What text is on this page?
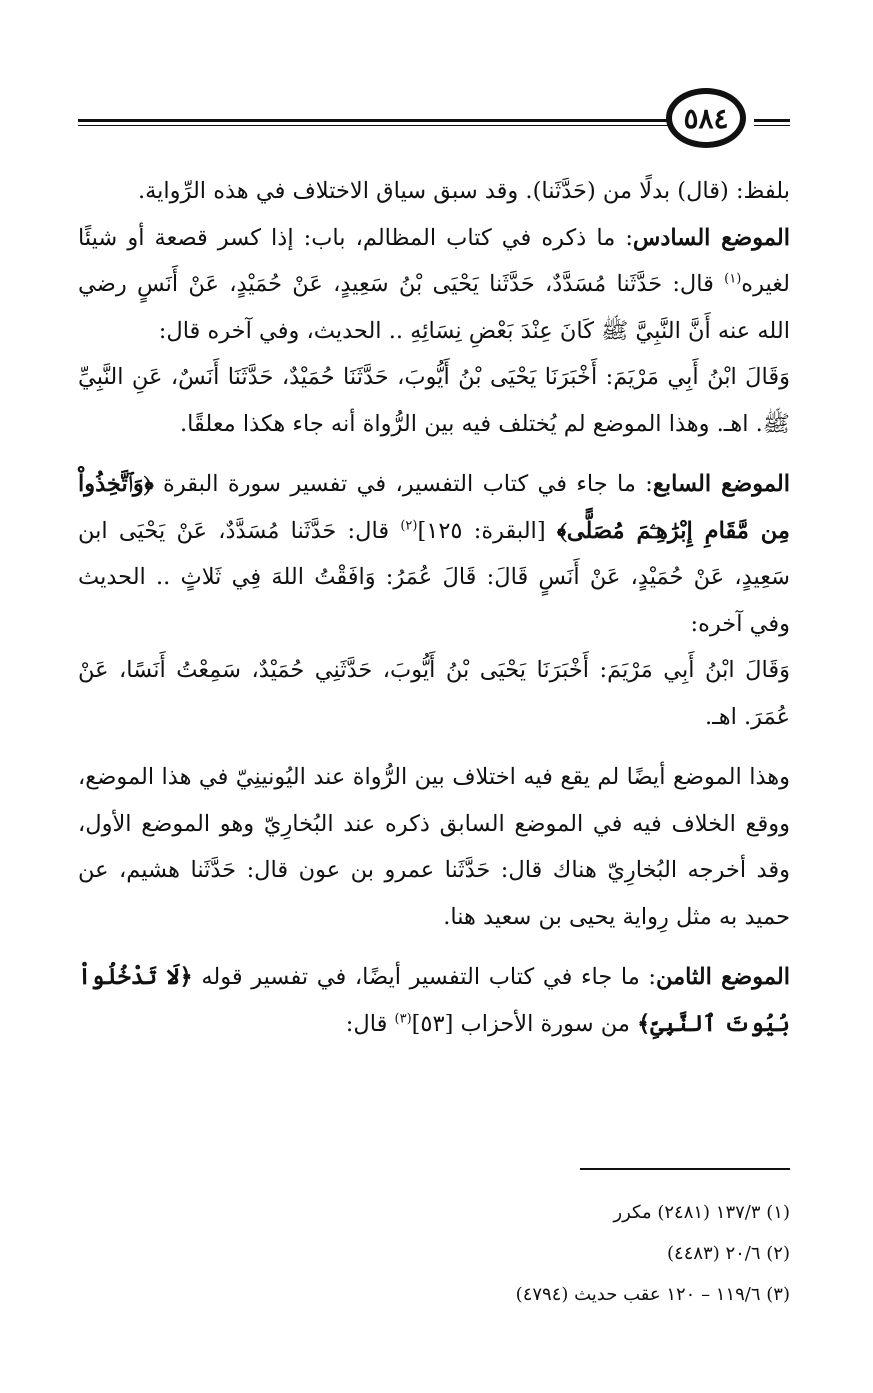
٥٨٤

بلفظ: (قال) بدلًا من (حَدَّثَنا). وقد سبق سياق الاختلاف في هذه الرِّواية.

الموضع السادس: ما ذكره في كتاب المظالم، باب: إذا كسر قصعة أو شيئًا لغيره$^{(١)}$ قال: حَدَّثَنا مُسَدَّدٌ، حَدَّثَنا يَحْيَى بْنُ سَعِيدٍ، عَنْ حُمَيْدٍ، عَنْ أَنَسٍ رضي الله عنه أَنَّ النَّبِيَّ ﷺ كَانَ عِنْدَ بَعْضِ نِسَائِهِ .. الحديث، وفي آخره قال:

وَقَالَ ابْنُ أَبِي مَرْيَمَ: أَخْبَرَنَا يَحْيَى بْنُ أَيُّوبَ، حَدَّثَنَا حُمَيْدٌ، حَدَّثَنَا أَنَسٌ، عَنِ النَّبِيِّ ﷺ. اهـ. وهذا الموضع لم يُختلف فيه بين الرُّواة أنه جاء هكذا معلقًا.

الموضع السابع: ما جاء في كتاب التفسير، في تفسير سورة البقرة ﴿وَٱتَّخِذُواْ مِن مَّقَامِ إِبْرَٰهِـۧمَ مُصَلًّى﴾ [البقرة: ١٢٥]$^{(٢)}$ قال: حَدَّثَنا مُسَدَّدٌ، عَنْ يَحْيَى ابن سَعِيدٍ، عَنْ حُمَيْدٍ، عَنْ أَنَسٍ قَالَ: قَالَ عُمَرُ: وَافَقْتُ اللهَ فِي ثَلاثٍ .. الحديث وفي آخره:

وَقَالَ ابْنُ أَبِي مَرْيَمَ: أَخْبَرَنَا يَحْيَى بْنُ أَيُّوبَ، حَدَّثَنِي حُمَيْدٌ، سَمِعْتُ أَنَسًا، عَنْ عُمَرَ. اهـ.

وهذا الموضع أيضًا لم يقع فيه اختلاف بين الرُّواة عند اليُونينِيّ في هذا الموضع، ووقع الخلاف فيه في الموضع السابق ذكره عند البُخارِيّ وهو الموضع الأول، وقد أخرجه البُخارِيّ هناك قال: حَدَّثَنا عمرو بن عون قال: حَدَّثَنا هشيم، عن حميد به مثل رِواية يحيى بن سعيد هنا.

الموضع الثامن: ما جاء في كتاب التفسير أيضًا، في تفسير قوله ﴿لَا تَدْخُلُواْ بُيُوتَ ٱلنَّبِىِّ﴾ من سورة الأحزاب [٥٣]$^{(٣)}$ قال:

(١) ١٣٧/٣ (٢٤٨١) مكرر

(٢) ٢٠/٦ (٤٤٨٣)

(٣) ١١٩/٦ – ١٢٠ عقب حديث (٤٧٩٤)
